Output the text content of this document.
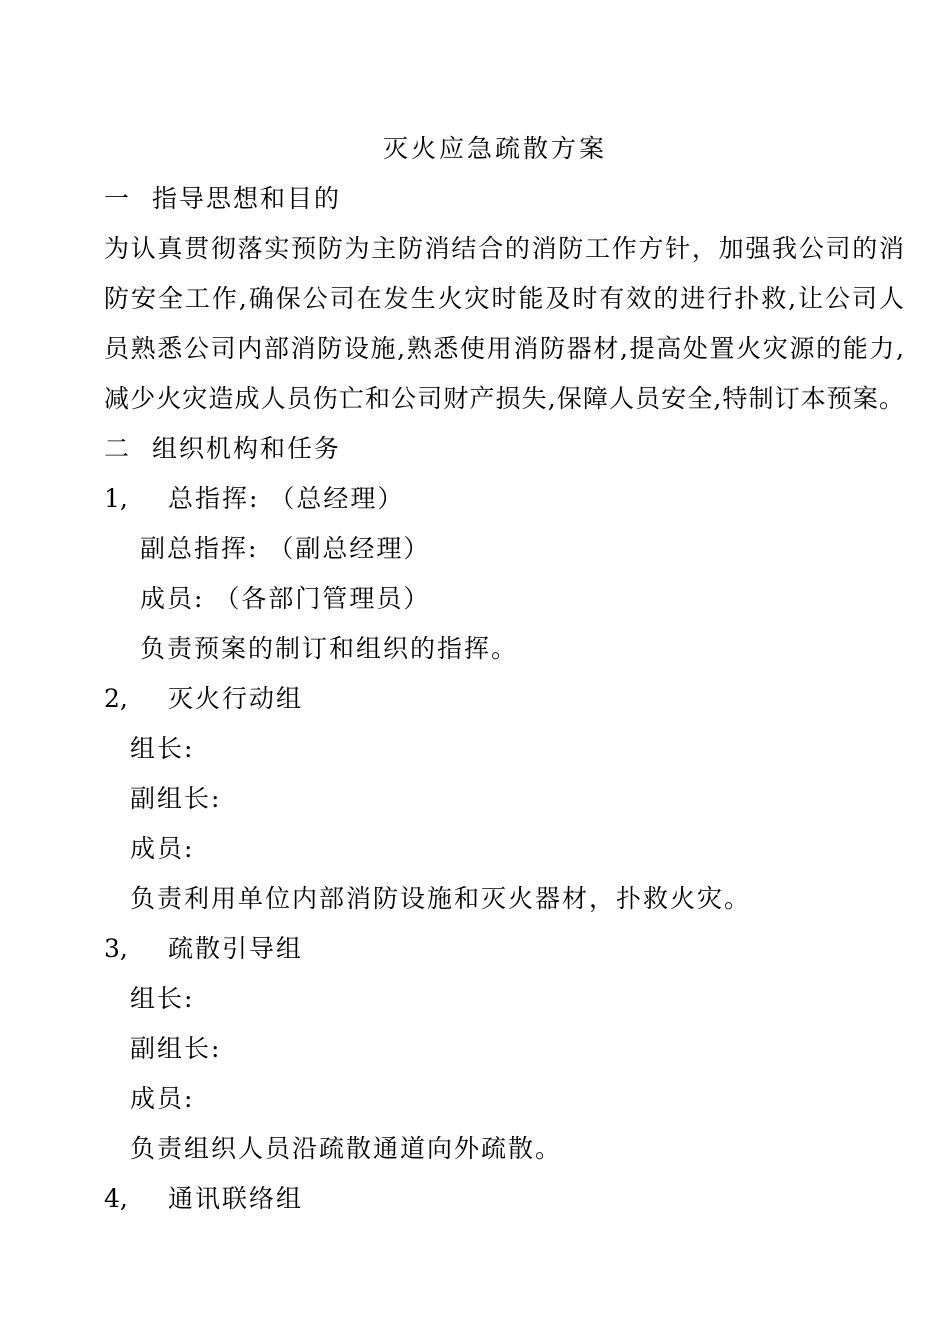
灭火应急疏散方案
一 指导思想和目的
为认真贯彻落实预防为主防消结合的消防工作方针，加强我公司的消
防安全工作,确保公司在发生火灾时能及时有效的进行扑救,让公司人
员熟悉公司内部消防设施,熟悉使用消防器材,提高处置火灾源的能力,
减少火灾造成人员伤亡和公司财产损失,保障人员安全,特制订本预案。
二 组织机构和任务
1, 总指挥: （总经理）
副总指挥: （副总经理）
成员: （各部门管理员）
负责预案的制订和组织的指挥。
2, 灭火行动组
组长:
副组长:
成员:
负责利用单位内部消防设施和灭火器材，扑救火灾。
3, 疏散引导组
组长:
副组长:
成员:
负责组织人员沿疏散通道向外疏散。
4, 通讯联络组
